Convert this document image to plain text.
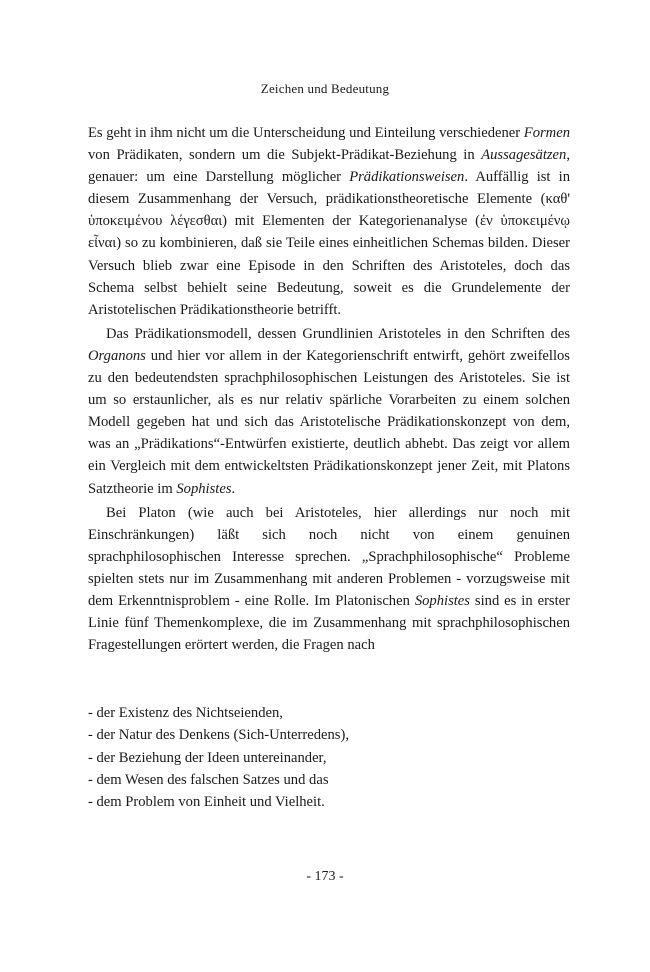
Zeichen und Bedeutung

Es geht in ihm nicht um die Unterscheidung und Einteilung verschiedener Formen von Prädikaten, sondern um die Subjekt-Prädikat-Beziehung in Aussagesätzen, genauer: um eine Darstellung möglicher Prädikationsweisen. Auffällig ist in diesem Zusammenhang der Versuch, prädikationstheoretische Elemente (καθ' ὑποκειμένου λέγεσθαι) mit Elementen der Kategorienanalyse (ἐν ὑποκειμένῳ εἶναι) so zu kombinieren, daß sie Teile eines einheitlichen Schemas bilden. Dieser Versuch blieb zwar eine Episode in den Schriften des Aristoteles, doch das Schema selbst behielt seine Bedeutung, soweit es die Grundelemente der Aristotelischen Prädikationstheorie betrifft.

Das Prädikationsmodell, dessen Grundlinien Aristoteles in den Schriften des Organons und hier vor allem in der Kategorienschrift entwirft, gehört zweifellos zu den bedeutendsten sprachphilosophischen Leistungen des Aristoteles. Sie ist um so erstaunlicher, als es nur relativ spärliche Vorarbeiten zu einem solchen Modell gegeben hat und sich das Aristotelische Prädikationskonzept von dem, was an „Prädikations“-Entwürfen existierte, deutlich abhebt. Das zeigt vor allem ein Vergleich mit dem entwickeltsten Prädikationskonzept jener Zeit, mit Platons Satztheorie im Sophistes.

Bei Platon (wie auch bei Aristoteles, hier allerdings nur noch mit Einschränkungen) läßt sich noch nicht von einem genuinen sprachphilosophischen Interesse sprechen. „Sprachphilosophische“ Probleme spielten stets nur im Zusammenhang mit anderen Problemen - vorzugsweise mit dem Erkenntnisproblem - eine Rolle. Im Platonischen Sophistes sind es in erster Linie fünf Themenkomplexe, die im Zusammenhang mit sprachphilosophischen Fragestellungen erörtert werden, die Fragen nach

- der Existenz des Nichtseienden,
- der Natur des Denkens (Sich-Unterredens),
- der Beziehung der Ideen untereinander,
- dem Wesen des falschen Satzes und das
- dem Problem von Einheit und Vielheit.
- 173 -
